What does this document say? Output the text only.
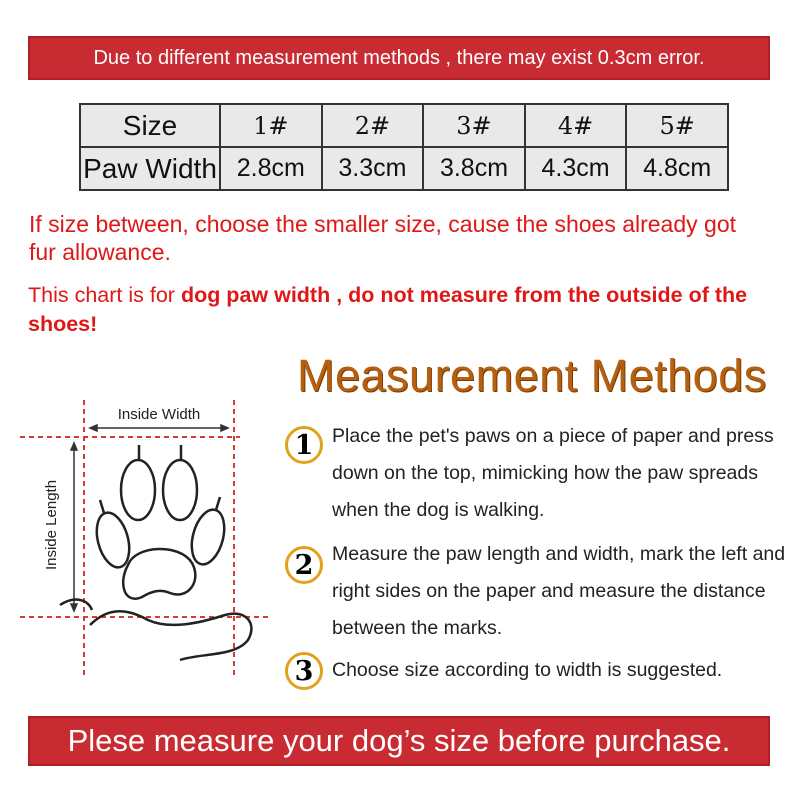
Due to different measurement methods , there may exist 0.3cm error.
Size	1#	2#	3#	4#	5#
Paw Width	2.8cm	3.3cm	3.8cm	4.3cm	4.8cm
If size between, choose the smaller size, cause the shoes already got fur allowance.
This chart is for dog paw width , do not measure from the outside of the shoes!
Measurement Methods
Inside Width
Inside Length
1 Place the pet's paws on a piece of paper and press down on the top, mimicking how the paw spreads when the dog is walking.
2 Measure the paw length and width, mark the left and right sides on the paper and measure the distance between the marks.
3 Choose size according to width is suggested.
Plese measure your dog’s size before purchase.
